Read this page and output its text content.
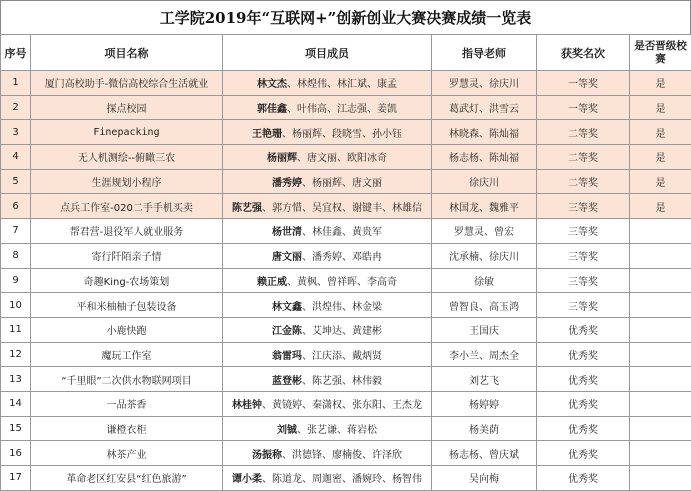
工学院2019年“互联网+”创新创业大赛决赛成绩一览表
序号	项目名称	项目成员	指导老师	获奖名次	是否晋级校赛
1	厦门高校助手-微信高校综合生活就业	林文杰、林煌伟、林汇斌、康孟	罗慧灵、徐庆川	一等奖	是
2	探点校园	郭佳鑫、叶伟高、江志强、姜凯	葛武灯、洪雪云	一等奖	是
3	Finepacking	王艳珊、杨丽辉、段晓雪、孙小钰	林晓森、陈灿福	二等奖	是
4	无人机测绘--俯瞰三农	杨丽辉、唐文丽、欧阳冰奇	杨志杨、陈灿福	二等奖	是
5	生涯规划小程序	潘秀婷、杨丽辉、唐文丽	徐庆川	二等奖	是
6	点兵工作室-020二手手机买卖	陈艺强、郭方惜、吴宜权、谢键丰、林雄信	林国龙、魏雅平	三等奖	是
7	帮君营-退役军人就业服务	杨世清、林佳鑫、黄贵军	罗慧灵、曾宏	三等奖	
8	寄行阡陌亲子情	唐文丽、潘秀婷、邓皓冉	沈承楠、徐庆川	三等奖	
9	奇趣King-农场策划	赖正威、黄枫、曾祥晖、李高奇	徐敏	三等奖	
10	平和米柚柚子包装设备	林文鑫、洪煌伟、林金梁	曾智良、高玉鸿	三等奖	
11	小鹿快跑	江金陈、艾坤达、黄建彬	王国庆	优秀奖	
12	魔玩工作室	翁雷玛、江庆添、戴炳贤	李小兰、周杰全	优秀奖	
13	“千里眼”二次供水物联网项目	蓝登彬、陈艺强、林伟毅	刘艺飞	优秀奖	
14	一品茶香	林桂钟、黄镜婷、秦潇权、张东阳、王杰龙	杨婷婷	优秀奖	
15	谦橙衣柜	刘铖、张艺谦、蒋岩松	杨美荫	优秀奖	
16	林茶产业	汤振称、洪德锋、廖楠俊、许泽欣	杨志杨、曾庆斌	优秀奖	
17	革命老区红安县“红色旅游”	谭小柔、陈道龙、周迦密、潘婉玲、杨智伟	吴向梅	优秀奖	
